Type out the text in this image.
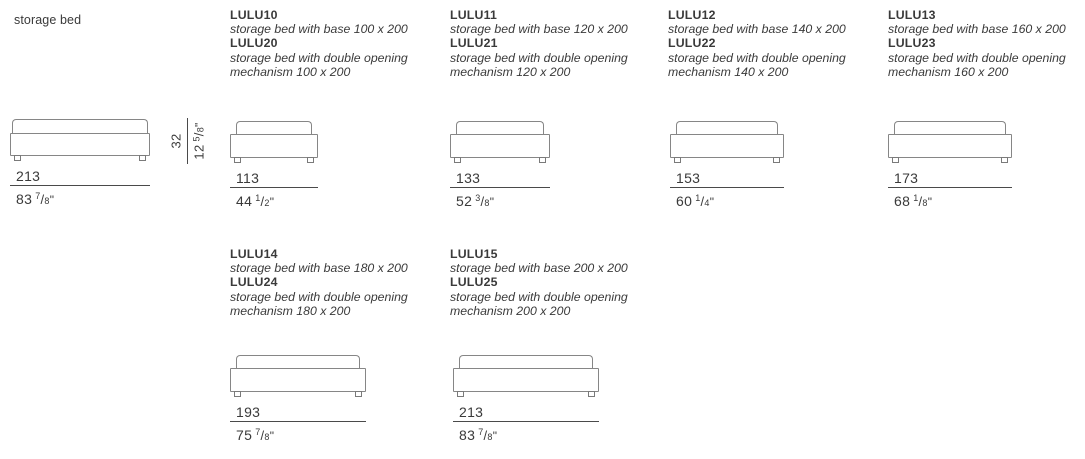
storage bed	LULU10
storage bed with base 100 x 200
LULU20
storage bed with double opening mechanism 100 x 200
LULU11
storage bed with base 120 x 200
LULU21
storage bed with double opening mechanism 120 x 200
LULU12
storage bed with base 140 x 200
LULU22
storage bed with double opening mechanism 140 x 200
LULU13
storage bed with base 160 x 200
LULU23
storage bed with double opening mechanism 160 x 200
LULU14
storage bed with base 180 x 200
LULU24
storage bed with double opening mechanism 180 x 200
LULU15
storage bed with base 200 x 200
LULU25
storage bed with double opening mechanism 200 x 200
213
83 $^7$/8"
32
$12^5/8$"
113
44 $^1$/2"
133
52 $^3$/8"
153
60 $^1$/4"
173
68 $^1$/8"
193
75 $^7$/8"
213
83 $^7$/8"
